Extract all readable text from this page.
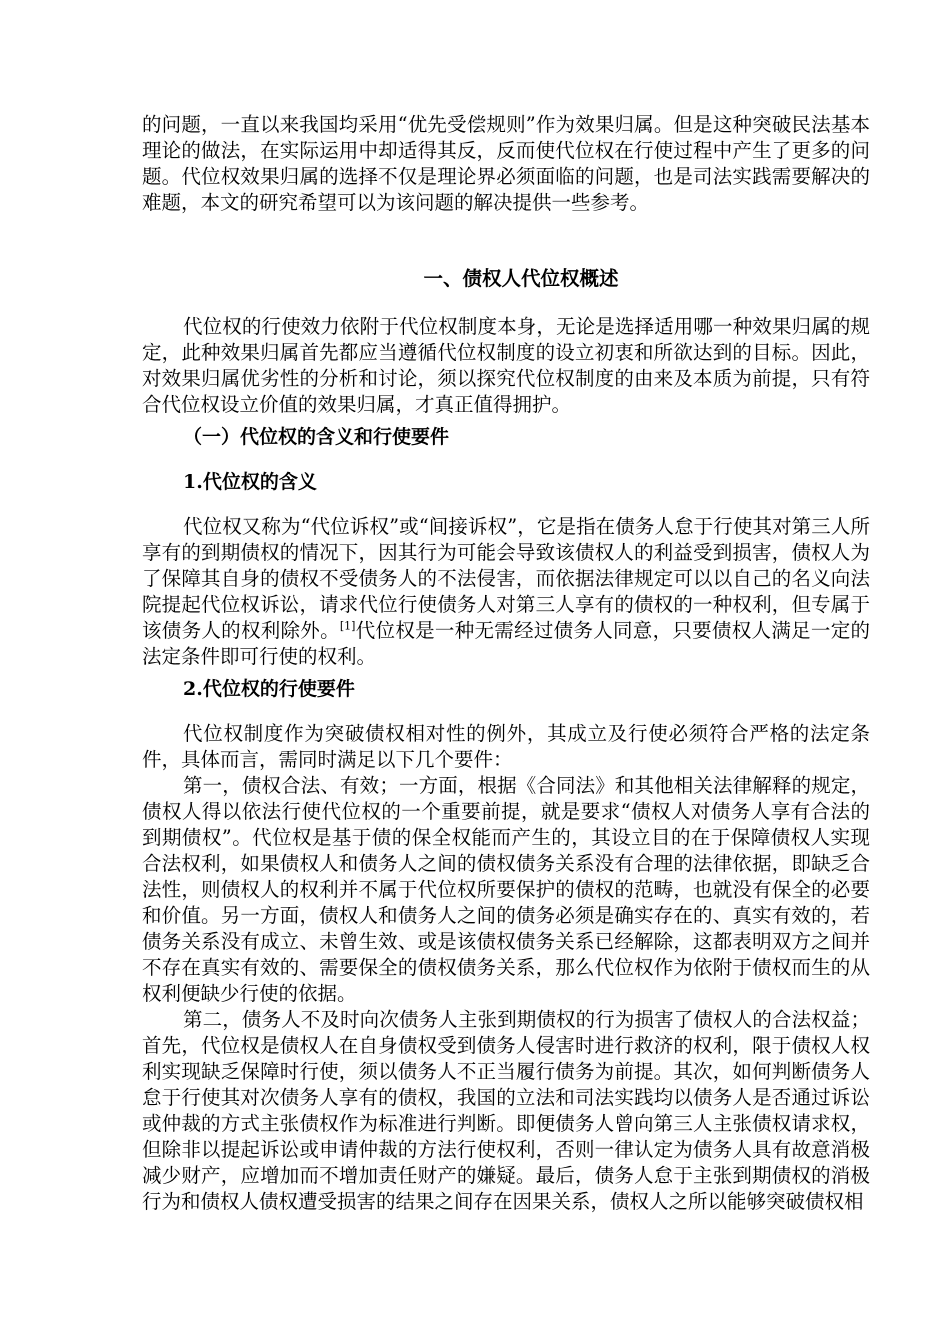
的问题，一直以来我国均采用“优先受偿规则”作为效果归属。但是这种突破民法基本理论的做法，在实际运用中却适得其反，反而使代位权在行使过程中产生了更多的问题。代位权效果归属的选择不仅是理论界必须面临的问题，也是司法实践需要解决的难题，本文的研究希望可以为该问题的解决提供一些参考。

一、债权人代位权概述

代位权的行使效力依附于代位权制度本身，无论是选择适用哪一种效果归属的规定，此种效果归属首先都应当遵循代位权制度的设立初衷和所欲达到的目标。因此，对效果归属优劣性的分析和讨论，须以探究代位权制度的由来及本质为前提，只有符合代位权设立价值的效果归属，才真正值得拥护。

（一）代位权的含义和行使要件
1.代位权的含义

代位权又称为“代位诉权”或“间接诉权”，它是指在债务人怠于行使其对第三人所享有的到期债权的情况下，因其行为可能会导致该债权人的利益受到损害，债权人为了保障其自身的债权不受债务人的不法侵害，而依据法律规定可以以自己的名义向法院提起代位权诉讼，请求代位行使债务人对第三人享有的债权的一种权利，但专属于该债务人的权利除外。[1]代位权是一种无需经过债务人同意，只要债权人满足一定的法定条件即可行使的权利。

2.代位权的行使要件

代位权制度作为突破债权相对性的例外，其成立及行使必须符合严格的法定条件，具体而言，需同时满足以下几个要件：

第一，债权合法、有效；一方面，根据《合同法》和其他相关法律解释的规定，债权人得以依法行使代位权的一个重要前提，就是要求“债权人对债务人享有合法的到期债权”。代位权是基于债的保全权能而产生的，其设立目的在于保障债权人实现合法权利，如果债权人和债务人之间的债权债务关系没有合理的法律依据，即缺乏合法性，则债权人的权利并不属于代位权所要保护的债权的范畴，也就没有保全的必要和价值。另一方面，债权人和债务人之间的债务必须是确实存在的、真实有效的，若债务关系没有成立、未曾生效、或是该债权债务关系已经解除，这都表明双方之间并不存在真实有效的、需要保全的债权债务关系，那么代位权作为依附于债权而生的从权利便缺少行使的依据。

第二，债务人不及时向次债务人主张到期债权的行为损害了债权人的合法权益；首先，代位权是债权人在自身债权受到债务人侵害时进行救济的权利，限于债权人权利实现缺乏保障时行使，须以债务人不正当履行债务为前提。其次，如何判断债务人怠于行使其对次债务人享有的债权，我国的立法和司法实践均以债务人是否通过诉讼或仲裁的方式主张债权作为标准进行判断。即便债务人曾向第三人主张债权请求权，但除非以提起诉讼或申请仲裁的方法行使权利，否则一律认定为债务人具有故意消极减少财产，应增加而不增加责任财产的嫌疑。最后，债务人怠于主张到期债权的消极行为和债权人债权遭受损害的结果之间存在因果关系，债权人之所以能够突破债权相
